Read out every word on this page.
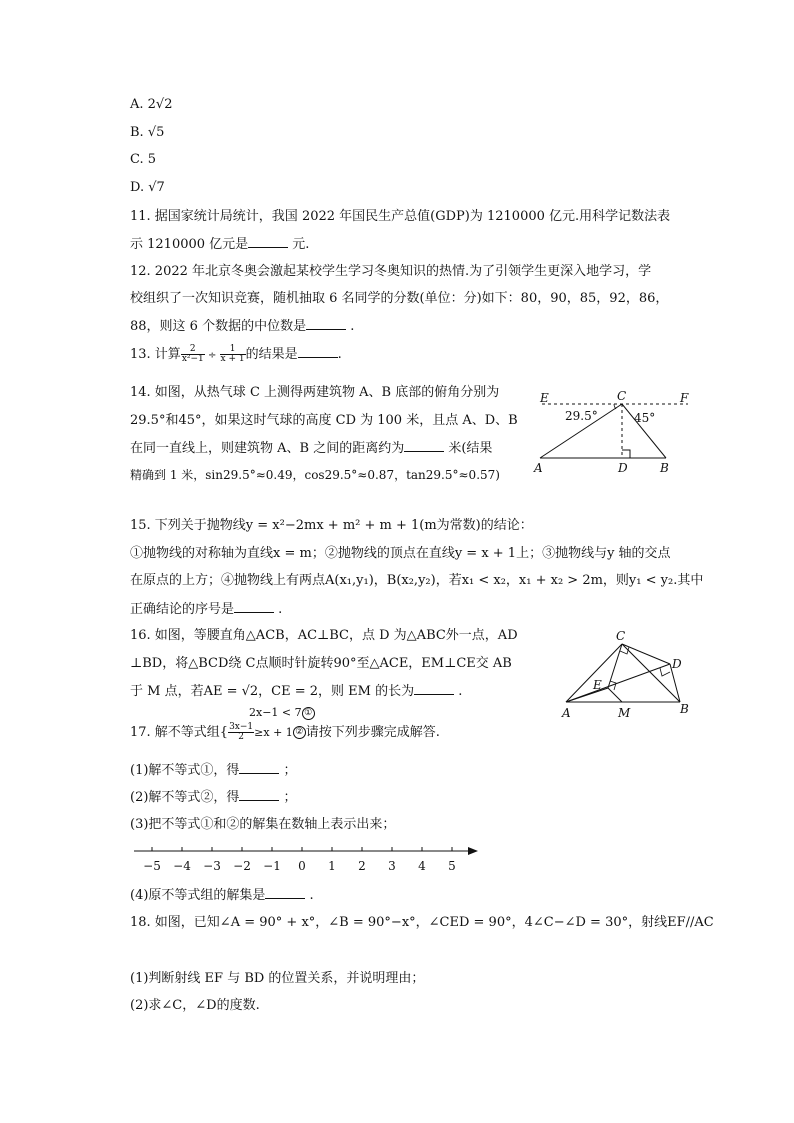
A. 2√2
B. √5
C. 5
D. √7
11. 据国家统计局统计，我国 2022 年国民生产总值(GDP)为 1210000 亿元.用科学记数法表
示 1210000 亿元是	元.
12. 2022 年北京冬奥会激起某校学生学习冬奥知识的热情.为了引领学生更深入地学习，学
校组织了一次知识竞赛，随机抽取 6 名同学的分数(单位：分)如下：80，90，85，92，86，
88，则这 6 个数据的中位数是	.
13. 计算 $\frac{2}{\text{x²−1}} \div \frac{1}{x + 1}$ 的结果是	.
14. 如图，从热气球 C 上测得两建筑物 A、B 底部的俯角分别为
29.5°和45°，如果这时气球的高度 CD 为 100 米，且点 A、D、B
在同一直线上，则建筑物 A、B 之间的距离约为	米(结果
精确到 1 米，sin29.5°≈0.49，cos29.5°≈0.87，tan29.5°≈0.57)
E	C	F
29.5°	45°
A	D	B
15. 下列关于抛物线y = x²−2mx + m² + m + 1(m为常数)的结论：
①抛物线的对称轴为直线x = m；②抛物线的顶点在直线y = x + 1上；③抛物线与y 轴的交点
在原点的上方；④抛物线上有两点A(x₁,y₁)，B(x₂,y₂)，若x₁ < x₂，x₁ + x₂ > 2m，则y₁ < y₂.其中
正确结论的序号是	.
16. 如图，等腰直角△ACB，AC⊥BC，点 D 为△ABC外一点，AD
⊥BD，将△BCD绕 C点顺时针旋转90°至△ACE，EM⊥CE交 AB
于 M 点，若AE = √2，CE = 2，则 EM 的长为	.
C
D
E
A	M	B
2x−1 < 7 ①
17. 解不等式组{ $\frac{3x-1}{2} \ge x + 1$ ② 请按下列步骤完成解答.
(1)解不等式①，得	；
(2)解不等式②，得	；
(3)把不等式①和②的解集在数轴上表示出来；
−5 −4 −3 −2 −1 0 1 2 3 4 5
(4)原不等式组的解集是	.
18. 如图，已知∠A = 90° + x°，∠B = 90°−x°，∠CED = 90°，4∠C−∠D = 30°，射线EF//AC
(1)判断射线 EF 与 BD 的位置关系，并说明理由；
(2)求∠C，∠D的度数.
